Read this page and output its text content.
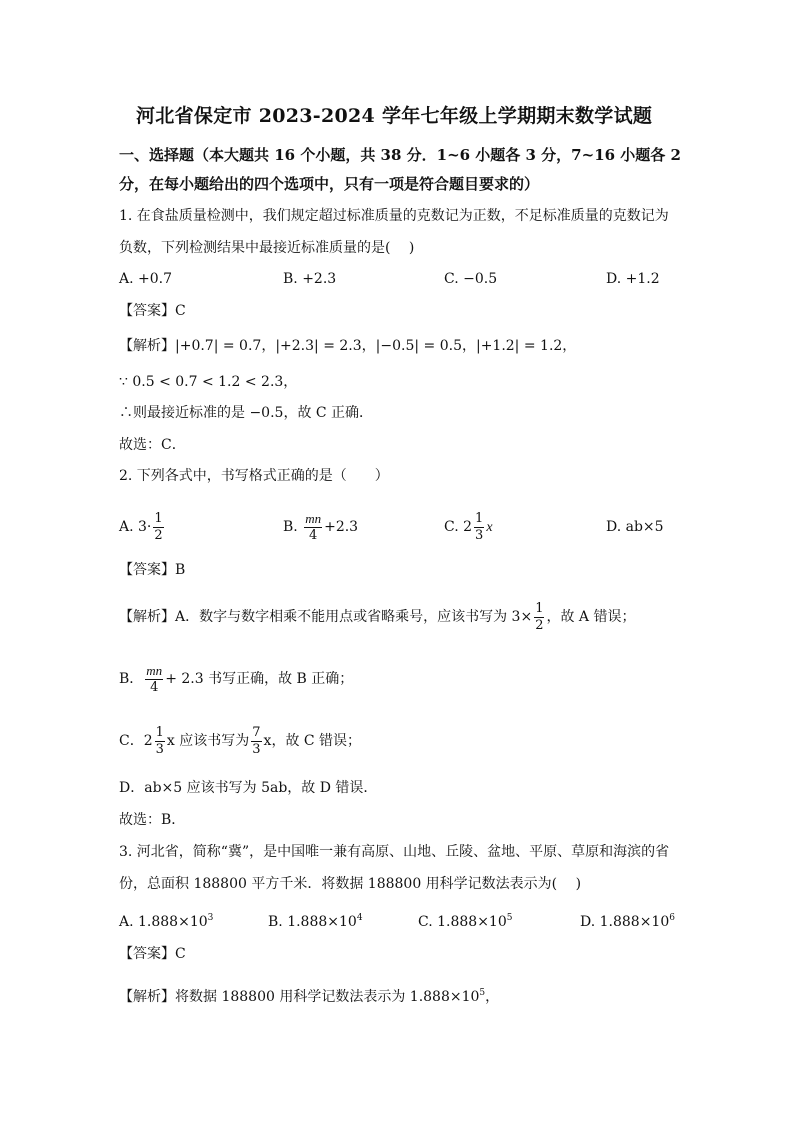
河北省保定市 2023-2024 学年七年级上学期期末数学试题
一、选择题（本大题共 16 个小题，共 38 分．1~6 小题各 3 分，7~16 小题各 2
分，在每小题给出的四个选项中，只有一项是符合题目要求的）
1. 在食盐质量检测中，我们规定超过标准质量的克数记为正数，不足标准质量的克数记为
负数，下列检测结果中最接近标准质量的是(　 )
A. +0.7	B. +2.3	C. −0.5	D. +1.2
【答案】C
【解析】|+0.7| = 0.7，|+2.3| = 2.3，|−0.5| = 0.5，|+1.2| = 1.2，
∵ 0.5 < 0.7 < 1.2 < 2.3，
∴则最接近标准的是 −0.5，故 C 正确．
故选：C．
2. 下列各式中，书写格式正确的是（　　）
A. $3\cdot \frac{1}{2}$	B. $\frac{mn}{4} +2.3$	C. $2 \frac{1}{3}$ x	D. ab×5
【答案】B
【解析】A．数字与数字相乘不能用点或省略乘号，应该书写为 $3\times \frac{1}{2}$ ，故 A 错误；
B． $\frac{mn}{4} + 2.3$ 书写正确，故 B 正确；
C．$2 \frac{1}{3}$ x 应该书写为 $\frac{7}{3}$ x，故 C 错误；
D．ab×5 应该书写为 5ab，故 D 错误．
故选：B．
3. 河北省，简称“冀”，是中国唯一兼有高原、山地、丘陵、盆地、平原、草原和海滨的省
份，总面积 188800 平方千米．将数据 188800 用科学记数法表示为(　 )
A. $1.888\times 10^3$	B. $1.888\times 10^4$	C. $1.888\times 10^5$	D. $1.888\times 10^6$
【答案】C
【解析】将数据 188800 用科学记数法表示为 $1.888\times 10^5$，
